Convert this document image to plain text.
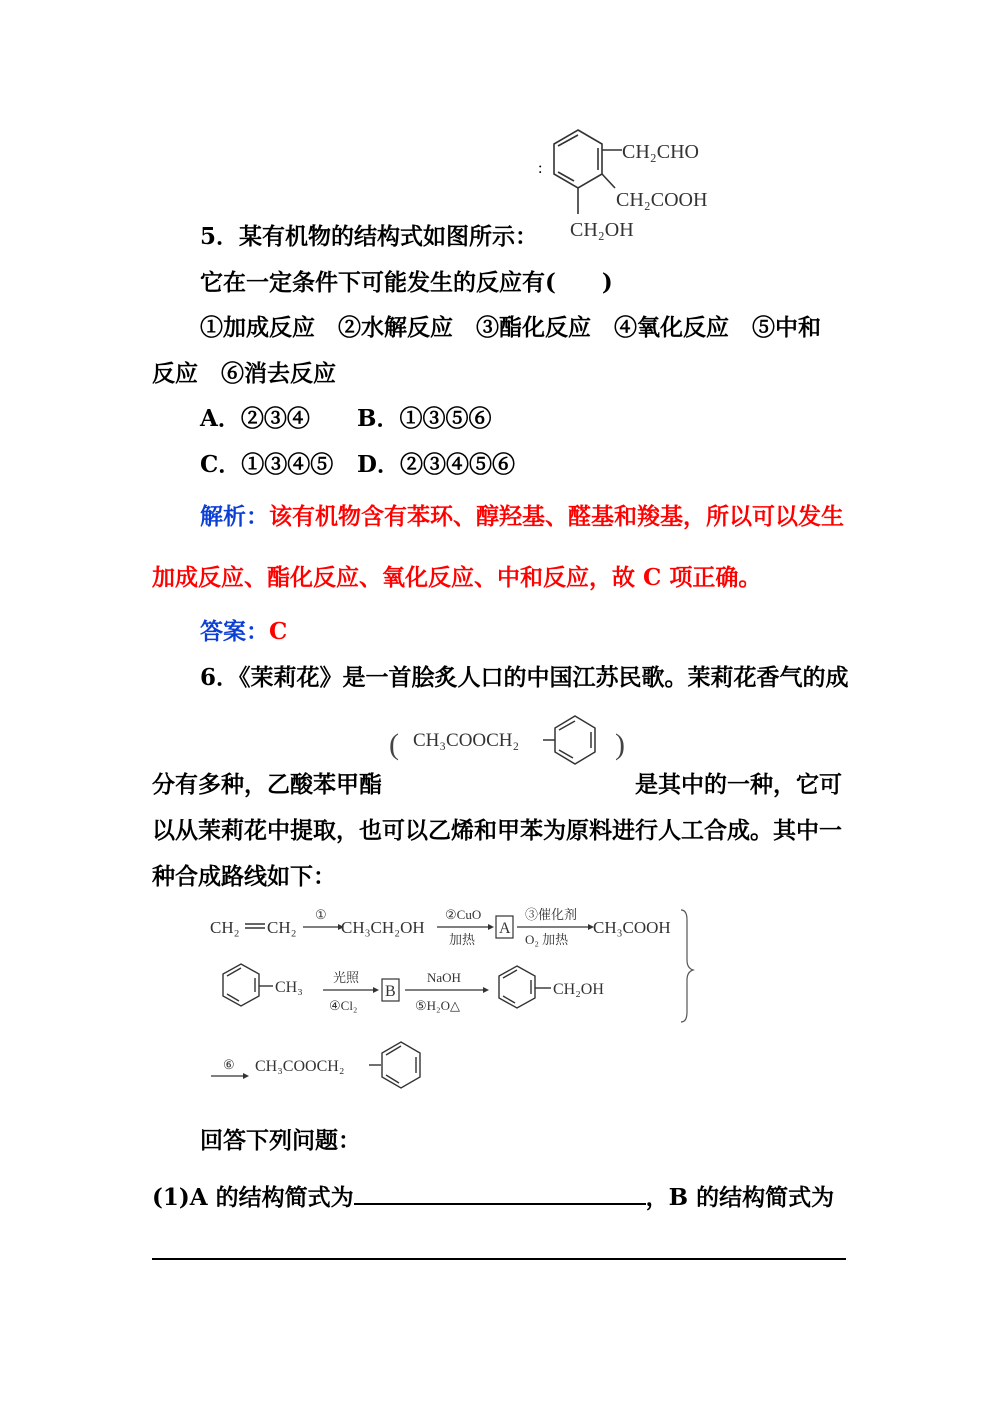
:
CH₂CHO
CH₂COOH
CH₂OH
5．某有机物的结构式如图所示：
它在一定条件下可能发生的反应有(　　)
①加成反应　②水解反应　③酯化反应　④氧化反应　⑤中和
反应　⑥消去反应
A．②③④ B．①③⑤⑥
C．①③④⑤ D．②③④⑤⑥
解析：该有机物含有苯环、醇羟基、醛基和羧基，所以可以发生
加成反应、酯化反应、氧化反应、中和反应，故 C 项正确。
答案：C
6．《茉莉花》是一首脍炙人口的中国江苏民歌。茉莉花香气的成
( CH₃COOCH₂	)
分有多种，乙酸苯甲酯	是其中的一种，它可
以从茉莉花中提取，也可以乙烯和甲苯为原料进行人工合成。其中一
种合成路线如下：
CH₂ CH₂
①
CH₃CH₂OH
②CuO
加热
A
③催化剂
O₂ 加热
CH₃COOH
CH₃
光照
④Cl₂
B
NaOH
⑤H₂O△
CH₂OH
⑥ CH₃COOCH₂
回答下列问题：
(1)A 的结构简式为	，B 的结构简式为
